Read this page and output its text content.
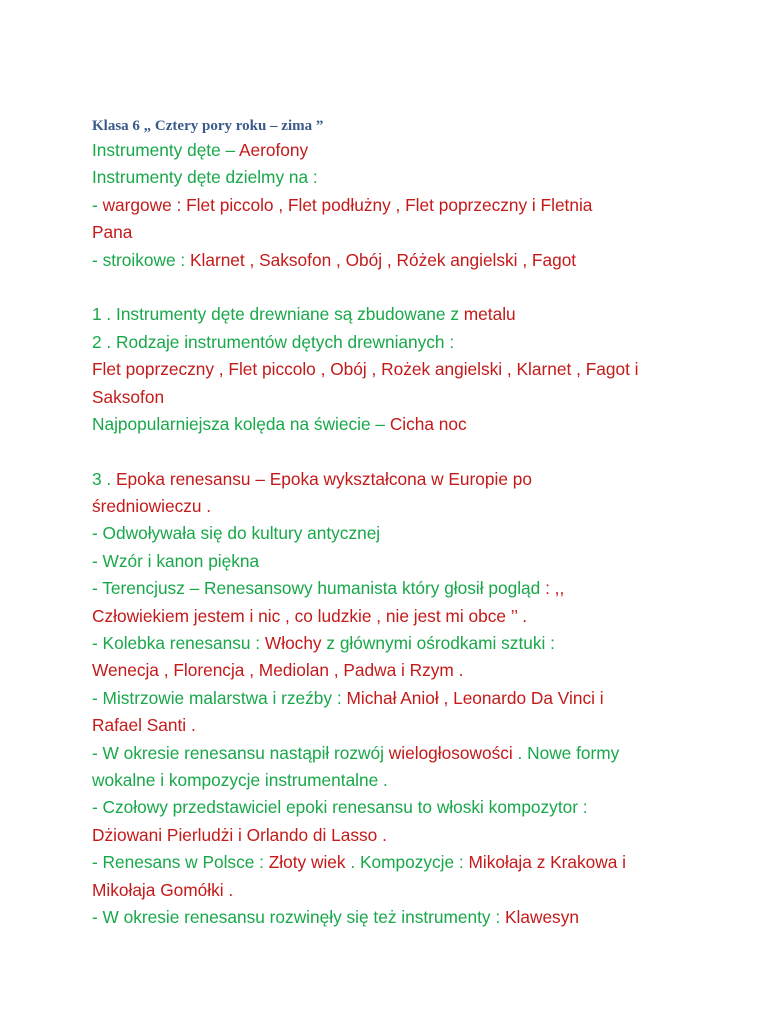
Klasa 6 „ Cztery pory roku – zima ”
Instrumenty dęte – Aerofony
Instrumenty dęte dzielmy na :
- wargowe : Flet piccolo , Flet podłużny , Flet poprzeczny i Fletnia
Pana
- stroikowe : Klarnet , Saksofon , Obój , Różek angielski , Fagot
1 . Instrumenty dęte drewniane są zbudowane z metalu
2 . Rodzaje instrumentów dętych drewnianych :
Flet poprzeczny , Flet piccolo , Obój , Rożek angielski , Klarnet , Fagot i
Saksofon
Najpopularniejsza kolęda na świecie – Cicha noc
3 . Epoka renesansu – Epoka wykształcona w Europie po
średniowieczu .
- Odwoływała się do kultury antycznej
- Wzór i kanon piękna
- Terencjusz – Renesansowy humanista który głosił pogląd : ,,
Człowiekiem jestem i nic , co ludzkie , nie jest mi obce ’’ .
- Kolebka renesansu : Włochy z głównymi ośrodkami sztuki :
Wenecja , Florencja , Mediolan , Padwa i Rzym .
- Mistrzowie malarstwa i rzeźby : Michał Anioł , Leonardo Da Vinci i
Rafael Santi .
- W okresie renesansu nastąpił rozwój wielogłosowości . Nowe formy
wokalne i kompozycje instrumentalne .
- Czołowy przedstawiciel epoki renesansu to włoski kompozytor :
Dżiowani Pierludżi i Orlando di Lasso .
- Renesans w Polsce : Złoty wiek . Kompozycje : Mikołaja z Krakowa i
Mikołaja Gomółki .
- W okresie renesansu rozwinęły się też instrumenty : Klawesyn
